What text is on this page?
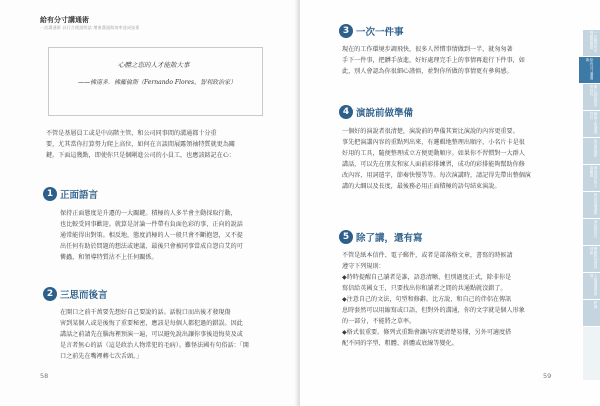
給有分寸講通術
一次溝通術·以行合理說明話·增進溝通與效率達成技術
心體之恣的人才能散大事
——佛南多．佛羅倫斯（Fernando Flores，智利政治家）
不管是基層員工或是中高階主管，和公司同事間的溝通都十分重
要，尤其當你打算努力爬上高位，如何在言談間展露領袖特質就更為關
鍵。下面這幾點，即使你只是個剛進公司的小員工，也應該銘記在心：
1 正面語言
保持正面態度是升遷的一大關鍵。積極的人多半會主動採取行動，
也比較受同事歡迎。就算是討論一件帶有負面色彩的事，正向的說話
通常能得出對策。相反地，態度消極的人一般只會不斷抱怨，又不提
出任何有助於問題的想法或建議，最後只會被同事當成自怨自艾的可
憐蟲，和領導特質沾不上任何關係。
2 三思而後言
在開口之前千萬要先想好自己要說的話。話脫口而出後才發現傷
害到某個人或是後悔了重要秘密，應該是每個人都犯過的錯誤。因此
講話之前請先在腦海裡預演一遍，可以避免說出讓你事後追悔莫及或
是言者無心的話（這是政治人物常犯的毛病）。難怪法國有句俗話：「開
口之前先在嘴裡轉七次舌頭。」
58
3 一次一件事
現在的工作環境步調飛快，很多人習慣事情做到一半，就匆匆著
手下一件事，把髒手放進，好好處理完手上的事情再進行下件事，如
此，別人會認為你很細心謹慎，並對你所做的事情更有參與感。
4 演說前做準備
一個好的演說者很清楚，演說前的準備其實比演說的內容更重要。
事先把演講內容的重點列出來，有邏輯地整理出順序，小名片卡是很
好用的工具，隨便整理成立方便更動順序。如果你不習慣對一大群人
講話，可以先在朋友和家人面前彩排練習，成功的彩排能夠幫助你修
改內容，用詞遣字，節奏快慢等等。每次演講時，請記得先帶出整個演
講的大綱以及長度，最後務必用正面積極的語句結束演說。
5 除了講，還有寫
不管是紙本信件、電子郵件，或者是部落格文章，書寫的時候請
遵守下列規則：
◆時時提醒自己讀者是誰，語意清晰，但別過度正式，除非你是
寫信給英國女王，只要找出你和讀者之間的共通點就沒錯了。
◆注意自己的文法，句型和修辭。比方說，和自己的伴侶在傳訊
息時套然可以用縮寫或口語，但對外的溝通，你的文字就是個人形象
的一部分，不能將之草率。
◆格式很重要。條列式重點會讓內容更清楚易懂，另外可適度搭
配不同的字型、粗體、斜體或底線等變化。
59
一次解決所有問題的開頭
給有分寸溝通術
開口就說對話的技巧
職場上的溝通技巧
說話的藝術
創造良好的人際關係
面試的溝通術
演說的技巧
關鍵時刻的談判術
人際溝通的原則
附錄
